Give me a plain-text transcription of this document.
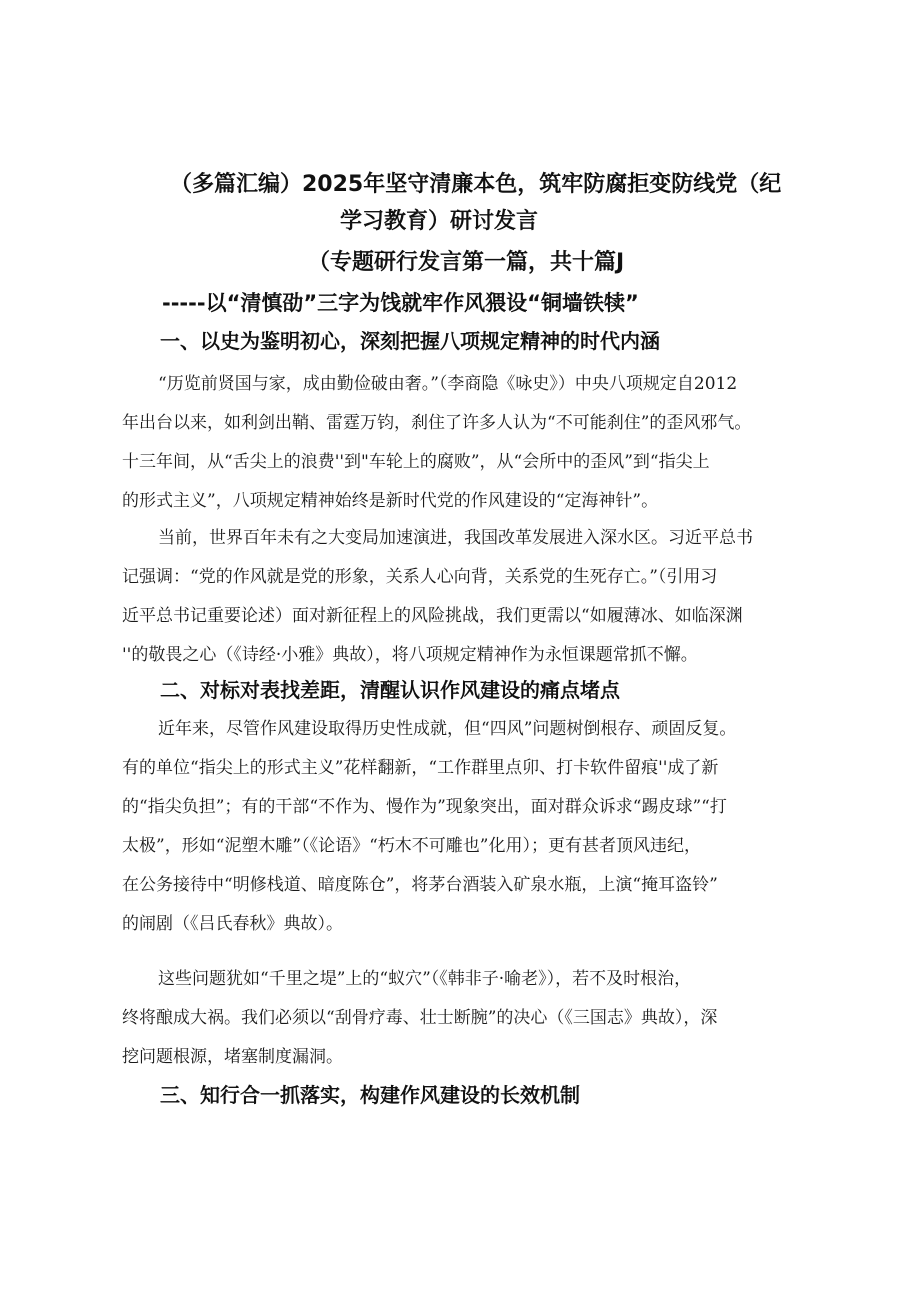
（多篇汇编）2025年坚守清廉本色，筑牢防腐拒变防线党（纪
学习教育）研讨发言
（专题研行发言第一篇，共十篇J
-----以“清慎劭”三字为饯就牢作风猥设“铜墙铁犊”
一、以史为鉴明初心，深刻把握八项规定精神的时代内涵
“历览前贤国与家，成由勤俭破由奢。”（李商隐《咏史》）中央八项规定自2012
年出台以来，如利剑出鞘、雷霆万钧，刹住了许多人认为“不可能刹住”的歪风邪气。
十三年间，从“舌尖上的浪费''到"车轮上的腐败”，从“会所中的歪风”到“指尖上
的形式主义”，八项规定精神始终是新时代党的作风建设的“定海神针”。
当前，世界百年未有之大变局加速演进，我国改革发展进入深水区。习近平总书
记强调：“党的作风就是党的形象，关系人心向背，关系党的生死存亡。”（引用习
近平总书记重要论述）面对新征程上的风险挑战，我们更需以“如履薄冰、如临深渊
''的敬畏之心（《诗经·小雅》典故），将八项规定精神作为永恒课题常抓不懈。
二、对标对表找差距，清醒认识作风建设的痛点堵点
近年来，尽管作风建设取得历史性成就，但“四风”问题树倒根存、顽固反复。
有的单位“指尖上的形式主义”花样翻新，“工作群里点卯、打卡软件留痕''成了新
的“指尖负担”；有的干部“不作为、慢作为”现象突出，面对群众诉求“踢皮球”“打
太极”，形如“泥塑木雕”（《论语》“朽木不可雕也”化用）；更有甚者顶风违纪，
在公务接待中“明修栈道、暗度陈仓”，将茅台酒装入矿泉水瓶，上演“掩耳盗铃”
的闹剧（《吕氏春秋》典故）。
这些问题犹如“千里之堤”上的“蚁穴”（《韩非子·喻老》），若不及时根治，
终将酿成大祸。我们必须以“刮骨疗毒、壮士断腕”的决心（《三国志》典故），深
挖问题根源，堵塞制度漏洞。
三、知行合一抓落实，构建作风建设的长效机制
